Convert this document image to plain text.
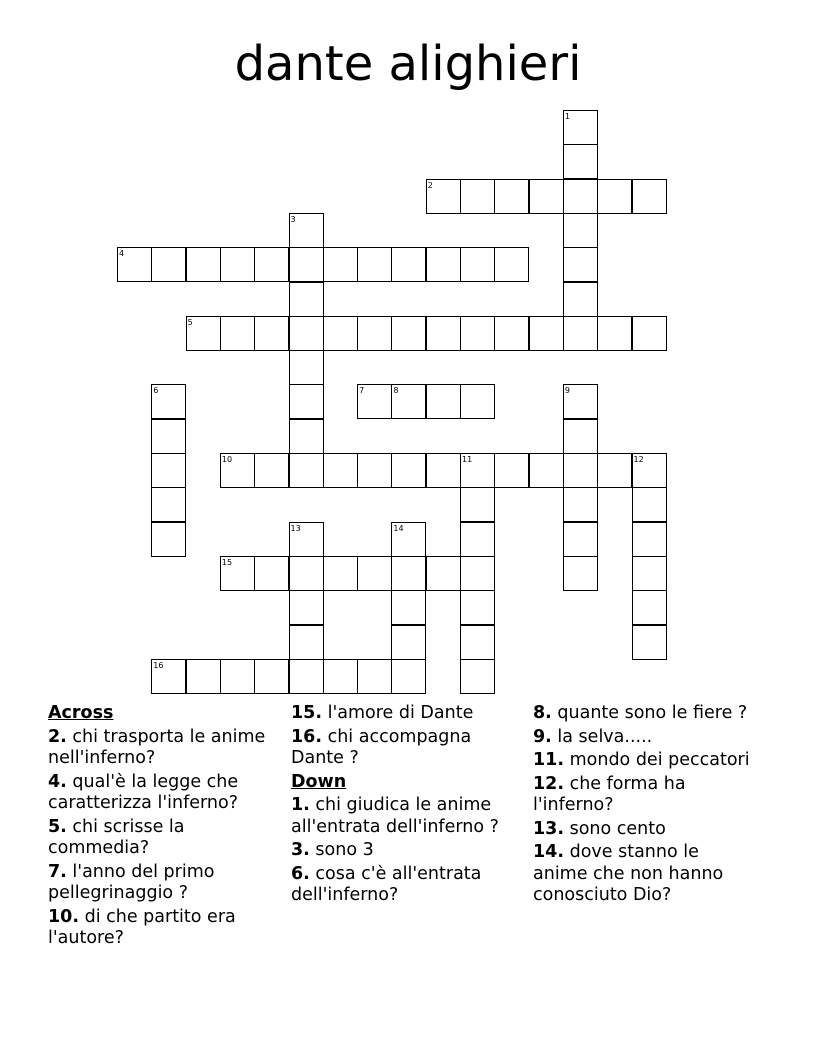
dante alighieri
1
2
3
4
5
6	7	8	9
10	11	12
13	14
15
16
Across
2. chi trasporta le anime nell'inferno?
4. qual'è la legge che caratterizza l'inferno?
5. chi scrisse la commedia?
7. l'anno del primo pellegrinaggio ?
10. di che partito era l'autore?
15. l'amore di Dante
16. chi accompagna Dante ?
Down
1. chi giudica le anime all'entrata dell'inferno ?
3. sono 3
6. cosa c'è all'entrata dell'inferno?
8. quante sono le fiere ?
9. la selva.....
11. mondo dei peccatori
12. che forma ha l'inferno?
13. sono cento
14. dove stanno le anime che non hanno conosciuto Dio?
